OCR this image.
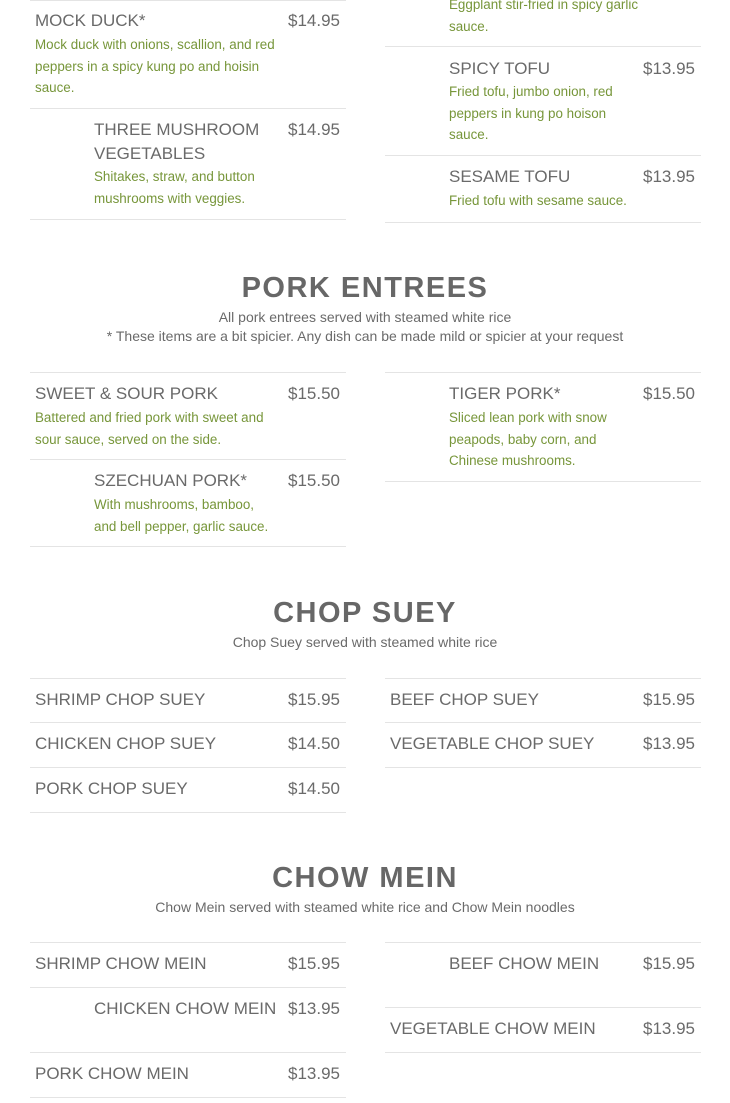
MOCK DUCK*	$14.95
Mock duck with onions, scallion, and red peppers in a spicy kung po and hoisin sauce.
THREE MUSHROOM VEGETABLES
$14.95
Shitakes, straw, and button mushrooms with veggies.
Eggplant stir-fried in spicy garlic sauce.
SPICY TOFU	$13.95
Fried tofu, jumbo onion, red peppers in kung po hoison sauce.
SESAME TOFU	$13.95
Fried tofu with sesame sauce.
PORK ENTREES
All pork entrees served with steamed white rice
* These items are a bit spicier. Any dish can be made mild or spicier at your request
SWEET & SOUR PORK	$15.50
Battered and fried pork with sweet and sour sauce, served on the side.
SZECHUAN PORK* $15.50
With mushrooms, bamboo, and bell pepper, garlic sauce.
TIGER PORK*	$15.50
Sliced lean pork with snow peapods, baby corn, and Chinese mushrooms.
CHOP SUEY
Chop Suey served with steamed white rice
SHRIMP CHOP SUEY	$15.95
CHICKEN CHOP SUEY	$14.50
PORK CHOP SUEY	$14.50
BEEF CHOP SUEY	$15.95
VEGETABLE CHOP SUEY	$13.95
CHOW MEIN
Chow Mein served with steamed white rice and Chow Mein noodles
SHRIMP CHOW MEIN	$15.95
CHICKEN CHOW MEIN $13.95
PORK CHOW MEIN	$13.95
BEEF CHOW MEIN	$15.95
VEGETABLE CHOW MEIN	$13.95
